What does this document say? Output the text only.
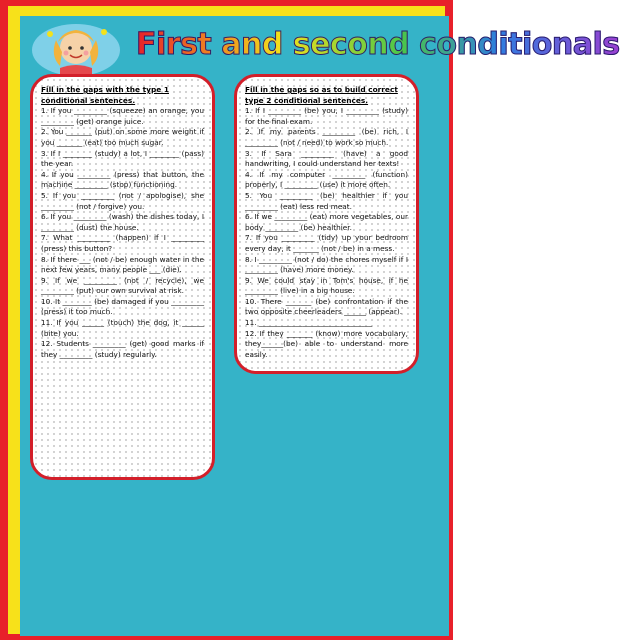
First and second conditionals

Fill in the gaps with the type 1 conditional sentences.

1. If you _________ (squeeze) an orange, you _________ (get) orange juice.

2. You _______ (put) on some more weight if you _______ (eat) too much sugar.

3. If I ________ (study) a lot, I ________ (pass) the year.

4. If you _________ (press) that button, the machine _________ (stop) functioning.

5. If you _________ (not / apologise), she _________ (not / forgive) you.

6. If you _________ (wash) the dishes today, I _________ (dust) the house.

7. What _________ (happen) if I _________ (press) this button?

8. If there ___ (not / be) enough water in the next few years, many people ___ (die).

9. If we _________ (not / recycle), we _________ (put) our own survival at risk.

10. It ________ (be) damaged if you _________ (press) it too much.

11. If you ______ (touch) the dog, it ______ (bite) you.

12. Students _________ (get) good marks if they _________ (study) regularly.

Fill in the gaps so as to build correct type 2 conditional sentences.

1. If I _________ (be) you, I _________ (study) for the final exam.

2. If my parents _________ (be) rich, I _________ (not / need) to work so much.

3. If Sara _________ (have) a good handwriting, I could understand her texts!

4. If my computer _________ (function) properly, I _________ (use) it more often.

5. You _________ (be) healthier if you _________ (eat) less red meat.

6. If we _________ (eat) more vegetables, our body _________ (be) healthier.

7. If you _________ (tidy) up your bedroom every day, it _______ (not / be) in a mess.

8. I _________ (not / do) the chores myself if I _________ (have) more money.

9. We could stay in Tom's house, if he _________ (live) in a big house.

10. There _______ (be) confrontation if the two opposite cheerleaders ______ (appear).

11. _______________________________

12. If they _______ (know) more vocabulary, they______(be) able to understand more easily.
